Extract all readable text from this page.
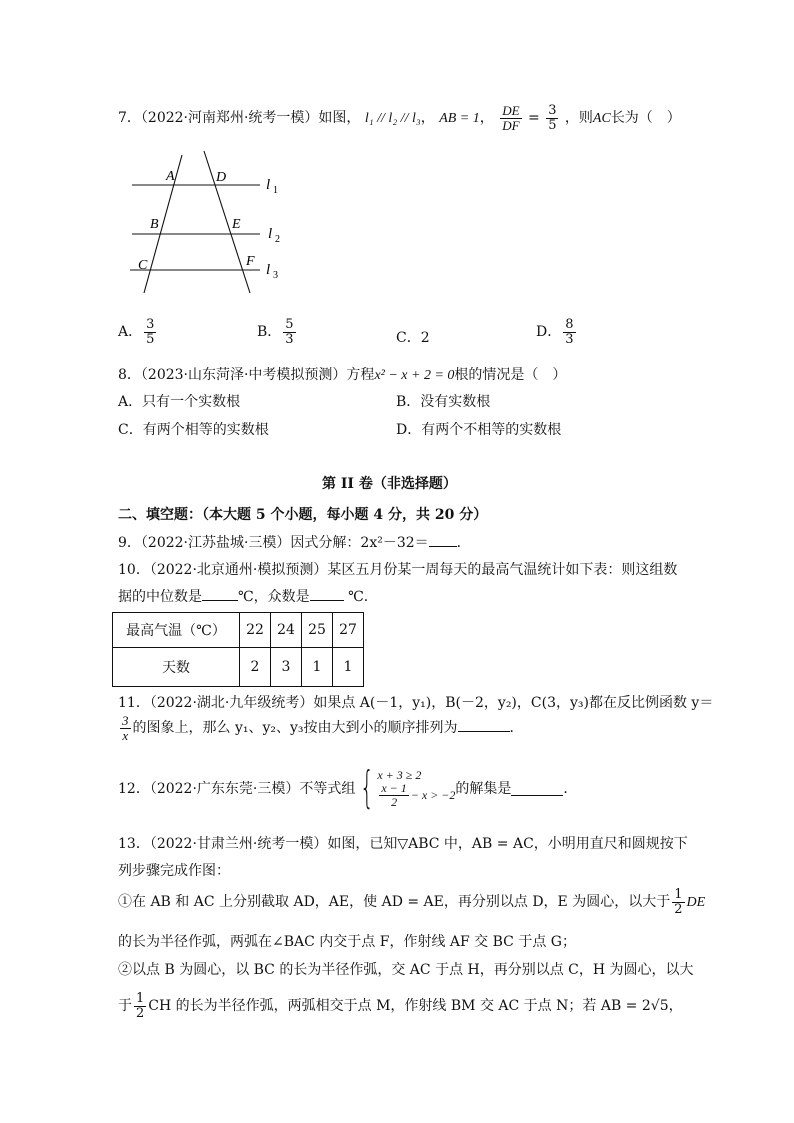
7．（2022·河南郑州·统考一模）如图， l₁ // l₂ // l₃， AB = 1， $\frac{DE}{DF} = \frac{3}{5}$ ，则AC长为（　）
A	D
B	E
C	F
l 1
l 2
l 3
A． $\frac{3}{5}$	B． $\frac{5}{3}$	C．2	D． $\frac{8}{3}$
8．（2023·山东菏泽·中考模拟预测）方程x² − x + 2 = 0根的情况是（　）
A．只有一个实数根	B．没有实数根
C．有两个相等的实数根	D．有两个不相等的实数根
第 II 卷（非选择题）
二、填空题：（本大题 5 个小题，每小题 4 分，共 20 分）
9．（2022·江苏盐城·三模）因式分解：2x²－32＝ ．
10．（2022·北京通州·模拟预测）某区五月份某一周每天的最高气温统计如下表：则这组数
据的中位数是	℃，众数是 ℃．
最高气温（℃）	22	24	25	27
天数	2	3	1	1
11．（2022·湖北·九年级统考）如果点 A(－1，y₁)，B(－2，y₂)，C(3，y₃)都在反比例函数 y＝
$\frac{3}{x}$ 的图象上，那么 y₁、y₂、y₃按由大到小的顺序排列为	．
12．（2022·广东东莞·三模）不等式组 { x + 3 ≥ 2
$\frac{x - 1}{2} - x > -2$ 的解集是	．
13．（2022·甘肃兰州·统考一模）如图，已知▽ABC 中，AB = AC，小明用直尺和圆规按下
列步骤完成作图：
①在 AB 和 AC 上分别截取 AD，AE，使 AD = AE，再分别以点 D，E 为圆心，以大于 $\frac{1}{2}$ DE
的长为半径作弧，两弧在∠BAC 内交于点 F，作射线 AF 交 BC 于点 G；
②以点 B 为圆心，以 BC 的长为半径作弧，交 AC 于点 H，再分别以点 C，H 为圆心，以大
于 $\frac{1}{2}$ CH 的长为半径作弧，两弧相交于点 M，作射线 BM 交 AC 于点 N；若 AB = 2√5，
